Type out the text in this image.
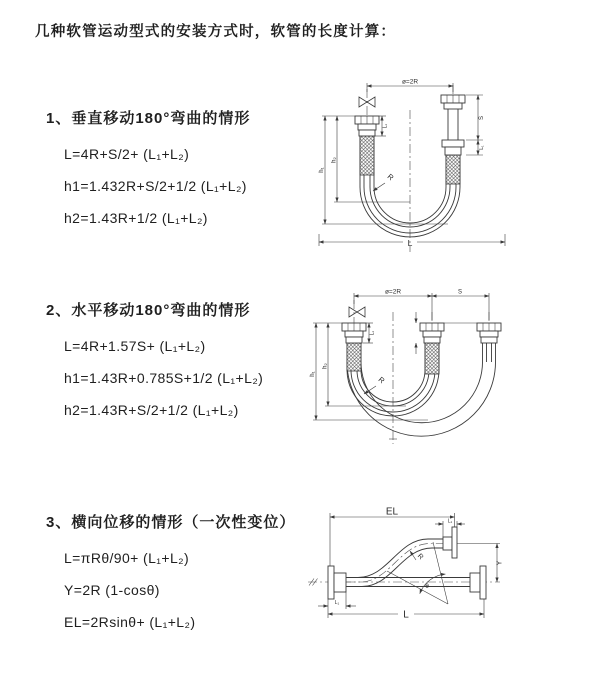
几种软管运动型式的安装方式时，软管的长度计算：
1、垂直移动180°弯曲的情形
L=4R+S/2+ (L₁+L₂)
h1=1.432R+S/2+1/2 (L₁+L₂)
h2=1.43R+1/2 (L₁+L₂)
2、水平移动180°弯曲的情形
L=4R+1.57S+ (L₁+L₂)
h1=1.43R+0.785S+1/2 (L₁+L₂)
h2=1.43R+S/2+1/2 (L₁+L₂)
3、横向位移的情形（一次性变位）
L=πRθ/90+ (L₁+L₂)
Y=2R (1-cosθ)
EL=2Rsinθ+ (L₁+L₂)
ø=2R
S
L₁
L₁
h₁
h₂
R
L
ø=2R	S
h₁
h₂
L₁
R
θ
R
EL
L₁
Y
L₁
L
